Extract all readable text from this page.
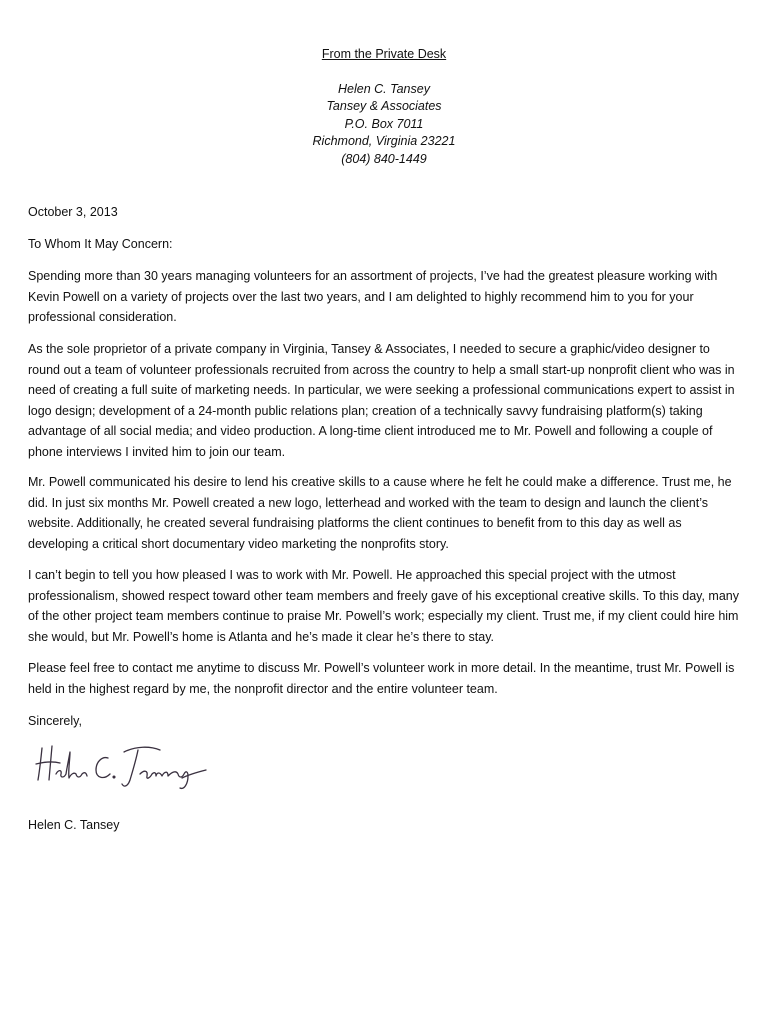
From the Private Desk

Helen C. Tansey

Tansey & Associates

P.O. Box 7011

Richmond, Virginia 23221

(804) 840-1449

October 3, 2013
To Whom It May Concern:

Spending more than 30 years managing volunteers for an assortment of projects, I’ve had the greatest pleasure working with Kevin Powell on a variety of projects over the last two years, and I am delighted to highly recommend him to you for your professional consideration.

As the sole proprietor of a private company in Virginia, Tansey & Associates, I needed to secure a graphic/video designer to round out a team of volunteer professionals recruited from across the country to help a small start-up nonprofit client who was in need of creating a full suite of marketing needs. In particular, we were seeking a professional communications expert to assist in logo design; development of a 24-month public relations plan; creation of a technically savvy fundraising platform(s) taking advantage of all social media; and video production. A long-time client introduced me to Mr. Powell and following a couple of phone interviews I invited him to join our team.

Mr. Powell communicated his desire to lend his creative skills to a cause where he felt he could make a difference. Trust me, he did. In just six months Mr. Powell created a new logo, letterhead and worked with the team to design and launch the client’s website. Additionally, he created several fundraising platforms the client continues to benefit from to this day as well as developing a critical short documentary video marketing the nonprofits story.

I can’t begin to tell you how pleased I was to work with Mr. Powell. He approached this special project with the utmost professionalism, showed respect toward other team members and freely gave of his exceptional creative skills. To this day, many of the other project team members continue to praise Mr. Powell’s work; especially my client. Trust me, if my client could hire him she would, but Mr. Powell’s home is Atlanta and he’s made it clear he’s there to stay.

Please feel free to contact me anytime to discuss Mr. Powell’s volunteer work in more detail. In the meantime, trust Mr. Powell is held in the highest regard by me, the nonprofit director and the entire volunteer team.

Sincerely,
Helen C. Tansey
